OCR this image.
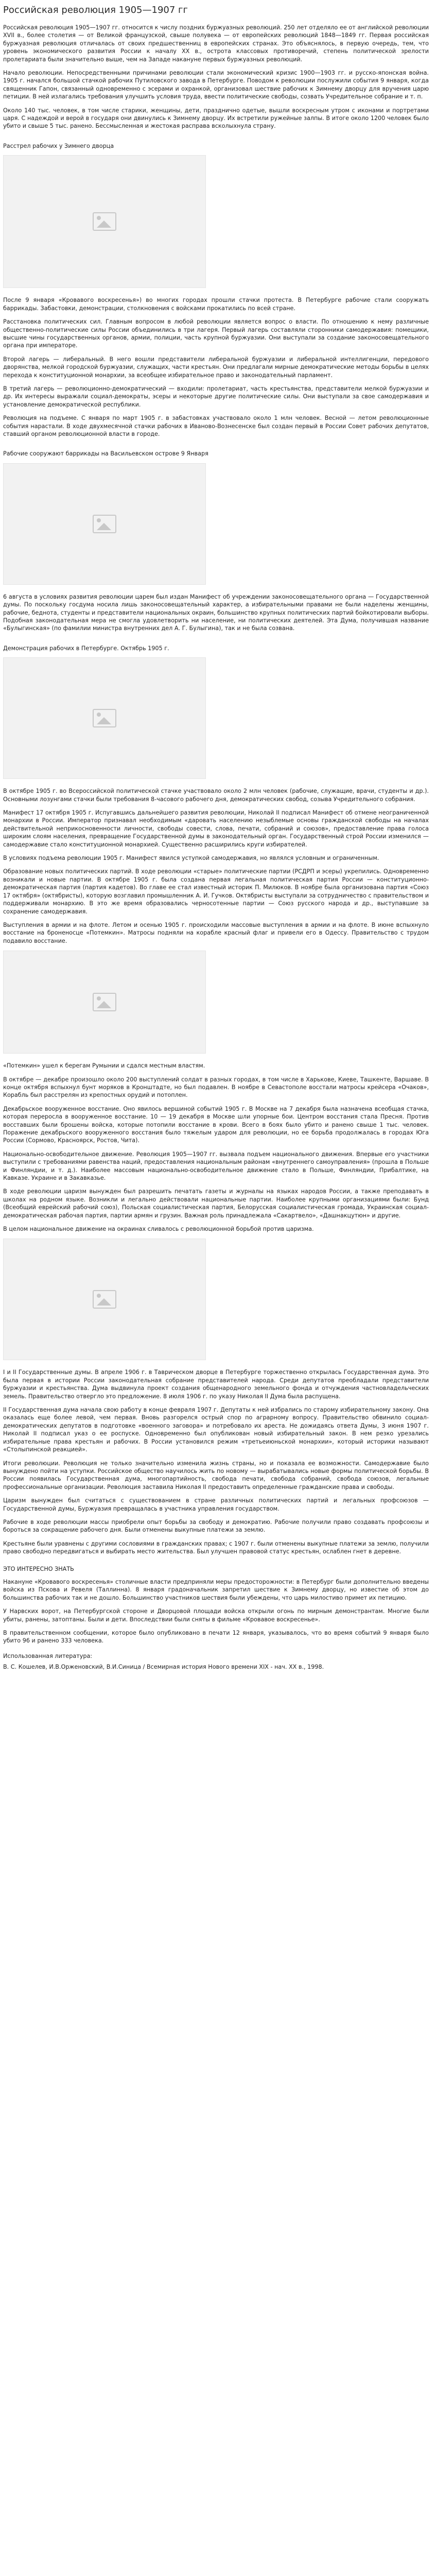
Российская революция 1905—1907 гг

Российская революция 1905—1907 гг. относится к числу поздних буржуазных революций. 250 лет отделяло ее от английской революции XVII в., более столетия — от Великой французской, свыше полувека — от европейских революций 1848—1849 гг. Первая российская буржуазная революция отличалась от своих предшественниц в европейских странах. Это объяснялось, в первую очередь, тем, что уровень экономического развития России к началу XX в., острота классовых противоречий, степень политической зрелости пролетариата были значительно выше, чем на Западе накануне первых буржуазных революций.

Начало революции. Непосредственными причинами революции стали экономический кризис 1900—1903 гг. и русско-японская война. 1905 г. начался большой стачкой рабочих Путиловского завода в Петербурге. Поводом к революции послужили события 9 января, когда священник Гапон, связанный одновременно с эсерами и охранкой, организовал шествие рабочих к Зимнему дворцу для вручения царю петиции. В ней излагались требования улучшить условия труда, ввести политические свободы, созвать Учредительное собрание и т. п.

Около 140 тыс. человек, в том числе старики, женщины, дети, празднично одетые, вышли воскресным утром с иконами и портретами царя. С надеждой и верой в государя они двинулись к Зимнему дворцу. Их встретили ружейные залпы. В итоге около 1200 человек было убито и свыше 5 тыс. ранено. Бессмысленная и жестокая расправа всколыхнула страну.

Расстрел рабочих у Зимнего дворца

После 9 января «Кровавого воскресенья») во многих городах прошли стачки протеста. В Петербурге рабочие стали сооружать баррикады. Забастовки, демонстрации, столкновения с войсками прокатились по всей стране.

Расстановка политических сил. Главным вопросом в любой революции является вопрос о власти. По отношению к нему различные общественно-политические силы России объединились в три лагеря. Первый лагерь составляли сторонники самодержавия: помещики, высшие чины государственных органов, армии, полиции, часть крупной буржуазии. Они выступали за создание законосовещательного органа при императоре.

Второй лагерь — либеральный. В него вошли представители либеральной буржуазии и либеральной интеллигенции, передового дворянства, мелкой городской буржуазии, служащих, части крестьян. Они предлагали мирные демократические методы борьбы в целях перехода к конституционной монархии, за всеобщее избирательное право и законодательный парламент.

В третий лагерь — революционно-демократический — входили: пролетариат, часть крестьянства, представители мелкой буржуазии и др. Их интересы выражали социал-демократы, эсеры и некоторые другие политические силы. Они выступали за свое самодержавия и установление демократической республики.

Революция на подъеме. С января по март 1905 г. в забастовках участвовало около 1 млн человек. Весной — летом революционные события нарастали. В ходе двухмесячной стачки рабочих в Иваново-Вознесенске был создан первый в России Совет рабочих депутатов, ставший органом революционной власти в городе.

Рабочие сооружают баррикады на Васильевском острове 9 Января

6 августа в условиях развития революции царем был издан Манифест об учреждении законосовещательного органа — Государственной думы. По поскольку госдума носила лишь законосовещательный характер, а избирательными правами не были наделены женщины, рабочие, беднота, студенты и представители национальных окраин, большинство крупных политических партий бойкотировали выборы. Подобная законодательная мера не смогла удовлетворить ни население, ни политических деятелей. Эта Дума, получившая название «Булыгинская» (по фамилии министра внутренних дел А. Г. Булыгина), так и не была созвана.

Демонстрация рабочих в Петербурге. Октябрь 1905 г.

В октябре 1905 г. во Всероссийской политической стачке участвовало около 2 млн человек (рабочие, служащие, врачи, студенты и др.). Основными лозунгами стачки были требования 8-часового рабочего дня, демократических свобод, созыва Учредительного собрания.

Манифест 17 октября 1905 г. Испугавшись дальнейшего развития революции, Николай II подписал Манифест об отмене неограниченной монархии в России. Император признавал необходимым «даровать населению незыблемые основы гражданской свободы на началах действительной неприкосновенности личности, свободы совести, слова, печати, собраний и союзов», предоставление права голоса широким слоям населения, превращение Государственной думы в законодательный орган. Государственный строй России изменился — самодержавие стало конституционной монархией. Существенно расширились круги избирателей.

В условиях подъема революции 1905 г. Манифест явился уступкой самодержавия, но являлся условным и ограниченным.

Образование новых политических партий. В ходе революции «старые» политические партии (РСДРП и эсеры) укрепились. Одновременно возникали и новые партии. В октябре 1905 г. была создана первая легальная политическая партия России — конституционно-демократическая партия (партия кадетов). Во главе ее стал известный историк П. Милюков. В ноябре была организована партия «Союз 17 октября» (октябристы), которую возглавил промышленник А. И. Гучков. Октябристы выступали за сотрудничество с правительством и поддерживали монархию. В это же время образовались черносотенные партии — Союз русского народа и др., выступавшие за сохранение самодержавия.

Выступления в армии и на флоте. Летом и осенью 1905 г. происходили массовые выступления в армии и на флоте. В июне вспыхнуло восстание на броненосце «Потемкин». Матросы подняли на корабле красный флаг и привели его в Одессу. Правительство с трудом подавило восстание.

«Потемкин» ушел к берегам Румынии и сдался местным властям.

В октябре — декабре произошло около 200 выступлений солдат в разных городах, в том числе в Харькове, Киеве, Ташкенте, Варшаве. В конце октября вспыхнул бунт моряков в Кронштадте, но был подавлен. В ноябре в Севастополе восстали матросы крейсера «Очаков», Корабль был расстрелян из крепостных орудий и потоплен.

Декабрьское вооруженное восстание. Оно явилось вершиной событий 1905 г. В Москве на 7 декабря была назначена всеобщая стачка, которая переросла в вооруженное восстание. 10 — 19 декабря в Москве шли упорные бои. Центром восстания стала Пресня. Против восставших были брошены войска, которые потопили восстание в крови. Всего в боях было убито и ранено свыше 1 тыс. человек. Поражение декабрьского вооруженного восстания было тяжелым ударом для революции, но ее борьба продолжалась в городах Юга России (Сормово, Красноярск, Ростов, Чита).

Национально-освободительное движение. Революция 1905—1907 гг. вызвала подъем национального движения. Впервые его участники выступили с требованиями равенства наций, предоставления национальным районам «внутреннего самоуправления» (прошла в Польше и Финляндии, и т. д.). Наиболее массовым национально-освободительное движение стало в Польше, Финляндии, Прибалтике, на Кавказе. Украине и в Закавказье.

В ходе революции царизм вынужден был разрешить печатать газеты и журналы на языках народов России, а также преподавать в школах на родном языке. Возникли и легально действовали национальные партии. Наиболее крупными организациями были: Бунд (Всеобщий еврейский рабочий союз), Польская социалистическая партия, Белорусская социалистическая громада, Украинская социал-демократическая рабочая партия, партии армян и грузин. Важная роль принадлежала «Сакартвело», «Дашнакцутюн» и другие.

В целом национальное движение на окраинах сливалось с революционной борьбой против царизма.

I и II Государственные думы. В апреле 1906 г. в Таврическом дворце в Петербурге торжественно открылась Государственная дума. Это была первая в истории России законодательная собрание представителей народа. Среди депутатов преобладали представители буржуазии и крестьянства. Дума выдвинула проект создания общенародного земельного фонда и отчуждения частновладельческих земель. Правительство отвергло это предложение. 8 июля 1906 г. по указу Николая II Дума была распущена.

II Государственная дума начала свою работу в конце февраля 1907 г. Депутаты к ней избрались по старому избирательному закону. Она оказалась еще более левой, чем первая. Вновь разгорелся острый спор по аграрному вопросу. Правительство обвинило социал-демократических депутатов в подготовке «военного заговора» и потребовало их ареста. Не дожидаясь ответа Думы, 3 июня 1907 г. Николай II подписал указ о ее роспуске. Одновременно был опубликован новый избирательный закон. В нем резко урезались избирательные права крестьян и рабочих. В России установился режим «третьеиюньской монархии», который историки называют «Столыпинской реакцией».

Итоги революции. Революция не только значительно изменила жизнь страны, но и показала ее возможности. Самодержавие было вынуждено пойти на уступки. Российское общество научилось жить по новому — вырабатывались новые формы политической борьбы. В России появилась Государственная дума, многопартийность, свобода печати, свобода собраний, свобода союзов, легальные профессиональные организации. Революция заставила Николая II предоставить определенные гражданские права и свободы.

Царизм вынужден был считаться с существованием в стране различных политических партий и легальных профсоюзов — Государственной думы, Буржуазия превращалась в участника управления государством.

Рабочие в ходе революции массы приобрели опыт борьбы за свободу и демократию. Рабочие получили право создавать профсоюзы и бороться за сокращение рабочего дня. Были отменены выкупные платежи за землю.

Крестьяне были уравнены с другими сословиями в гражданских правах; с 1907 г. были отменены выкупные платежи за землю, получили право свободно передвигаться и выбирать место жительства. Был улучшен правовой статус крестьян, ослаблен гнет в деревне.

ЭТО ИНТЕРЕСНО ЗНАТЬ

Накануне «Кровавого воскресенья» столичные власти предприняли меры предосторожности: в Петербург были дополнительно введены войска из Пскова и Ревеля (Таллинна). 8 января градоначальник запретил шествие к Зимнему дворцу, но известие об этом до большинства рабочих так и не дошло. Большинство участников шествия были убеждены, что царь милостиво примет их петицию.

У Нарвских ворот, на Петербургской стороне и Дворцовой площади войска открыли огонь по мирным демонстрантам. Многие были убиты, ранены, затоптаны. Были и дети. Впоследствии были сняты в фильме «Кровавое воскресенье».

В правительственном сообщении, которое было опубликовано в печати 12 января, указывалось, что во время событий 9 января было убито 96 и ранено 333 человека.

Использованная литература:

В. С. Кошелев, И.В.Орженовский, В.И.Синица / Всемирная история Нового времени XIX - нач. XX в., 1998.
